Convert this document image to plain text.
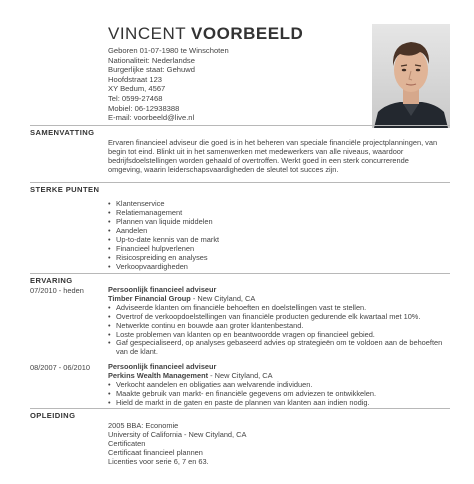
VINCENT VOORBEELD
Geboren 01-07-1980 te Winschoten
Nationaliteit: Nederlandse
Burgerlijke staat: Gehuwd
Hoofdstraat 123
XY Bedum, 4567
Tel: 0599-27468
Mobiel: 06-12938388
E-mail: voorbeeld@live.nl
SAMENVATTING
Ervaren financieel adviseur die goed is in het beheren van speciale financiële projectplanningen, van begin tot eind. Blinkt uit in het samenwerken met medewerkers van alle niveaus, waardoor bedrijfsdoelstellingen worden gehaald of overtroffen. Werkt goed in een sterk concurrerende omgeving, waarin leiderschapsvaardigheden de sleutel tot succes zijn.
STERKE PUNTEN
• Klantenservice
• Relatiemanagement
• Plannen van liquide middelen
• Aandelen
• Up-to-date kennis van de markt
• Financieel hulpverlenen
• Risicospreiding en analyses
• Verkoopvaardigheden
ERVARING
07/2010 - heden	Persoonlijk financieel adviseur
Timber Financial Group - New Cityland, CA
• Adviseerde klanten om financiële behoeften en doelstellingen vast te stellen.
• Overtrof de verkoopdoelstellingen van financiële producten gedurende elk kwartaal met 10%.
• Netwerkte continu en bouwde aan groter klantenbestand.
• Loste problemen van klanten op en beantwoordde vragen op financieel gebied.
• Gaf gespecialiseerd, op analyses gebaseerd advies op strategieën om te voldoen aan de behoeften van de klant.
08/2007 - 06/2010 Persoonlijk financieel adviseur
Perkins Wealth Management - New Cityland, CA
• Verkocht aandelen en obligaties aan welvarende individuen.
• Maakte gebruik van markt- en financiële gegevens om adviezen te ontwikkelen.
• Hield de markt in de gaten en paste de plannen van klanten aan indien nodig.
OPLEIDING
2005 BBA: Economie
University of California - New Cityland, CA
Certificaten
Certificaat financieel plannen
Licenties voor serie 6, 7 en 63.
